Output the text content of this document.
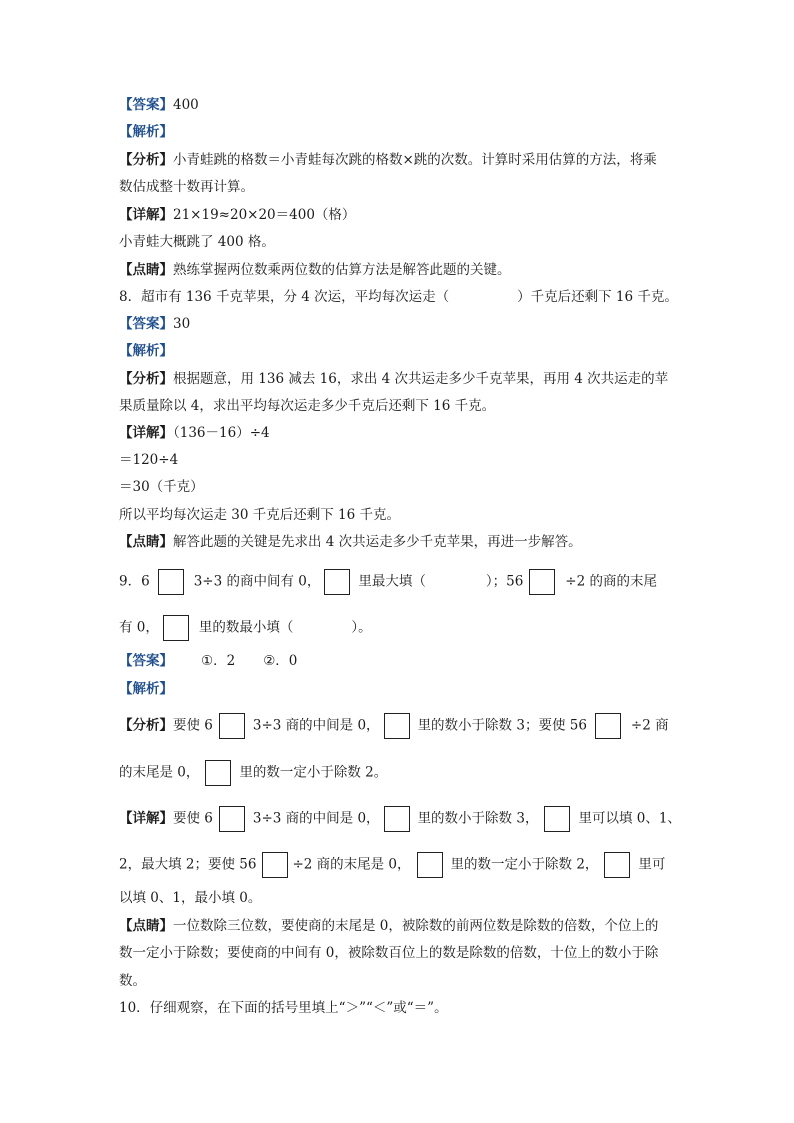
【答案】400
【解析】
【分析】小青蛙跳的格数＝小青蛙每次跳的格数×跳的次数。计算时采用估算的方法，将乘
数估成整十数再计算。
【详解】21×19≈20×20＝400（格）
小青蛙大概跳了 400 格。
【点睛】熟练掌握两位数乘两位数的估算方法是解答此题的关键。
8．超市有 136 千克苹果，分 4 次运，平均每次运走（	）千克后还剩下 16 千克。
【答案】30
【解析】
【分析】根据题意，用 136 减去 16，求出 4 次共运走多少千克苹果，再用 4 次共运走的苹
果质量除以 4，求出平均每次运走多少千克后还剩下 16 千克。
【详解】（136－16）÷4
＝120÷4
＝30（千克）
所以平均每次运走 30 千克后还剩下 16 千克。
【点睛】解答此题的关键是先求出 4 次共运走多少千克苹果，再进一步解答。
9．6	3÷3 的商中间有 0，	里最大填（	）；56	÷2 的商的末尾
有 0，	里的数最小填（	）。
【答案】 ①．2 ②．0
【解析】
【分析】要使 6	3÷3 商的中间是 0，	里的数小于除数 3；要使 56	÷2 商
的末尾是 0，	里的数一定小于除数 2。
【详解】要使 6	3÷3 商的中间是 0，	里的数小于除数 3，	里可以填 0、1、
2，最大填 2；要使 56	÷2 商的末尾是 0，	里的数一定小于除数 2，	里可
以填 0、1，最小填 0。
【点睛】一位数除三位数，要使商的末尾是 0，被除数的前两位数是除数的倍数，个位上的
数一定小于除数；要使商的中间有 0，被除数百位上的数是除数的倍数，十位上的数小于除
数。
10．仔细观察，在下面的括号里填上“＞”“＜”或“＝”。
